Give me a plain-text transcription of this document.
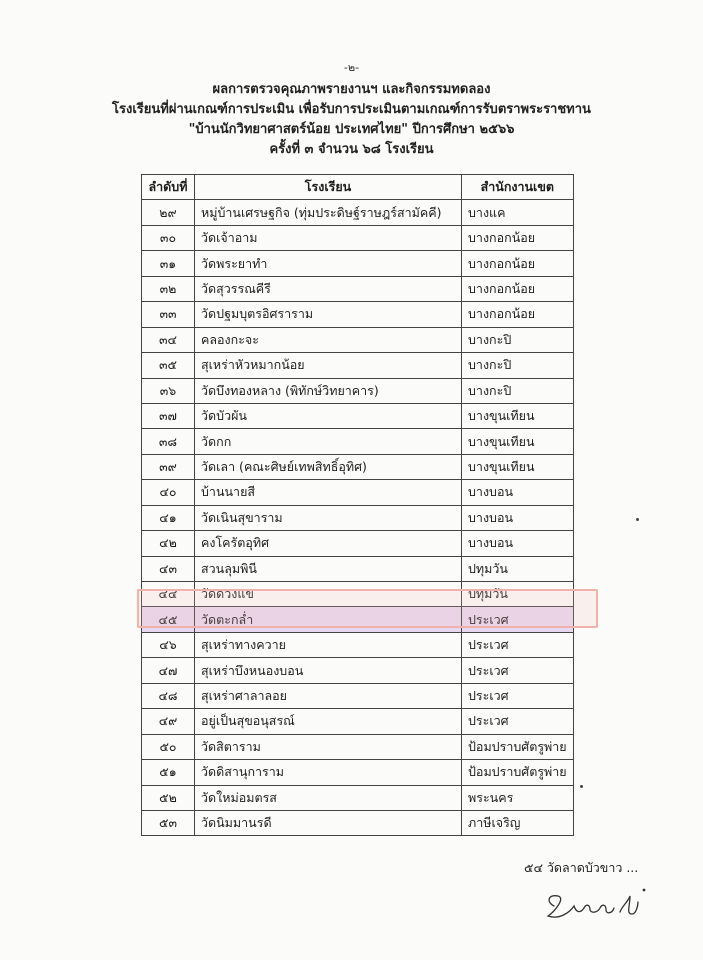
-๒-
ผลการตรวจคุณภาพรายงานฯ และกิจกรรมทดลอง
โรงเรียนที่ผ่านเกณฑ์การประเมิน เพื่อรับการประเมินตามเกณฑ์การรับตราพระราชทาน
"บ้านนักวิทยาศาสตร์น้อย ประเทศไทย" ปีการศึกษา ๒๕๖๖
ครั้งที่ ๓ จำนวน ๖๘ โรงเรียน
ลำดับที่	โรงเรียน	สำนักงานเขต
๒๙	หมู่บ้านเศรษฐกิจ (ทุ่มประดิษฐ์ราษฎร์สามัคคี)	บางแค
๓๐	วัดเจ้าอาม	บางกอกน้อย
๓๑	วัดพระยาทำ	บางกอกน้อย
๓๒	วัดสุวรรณคีรี	บางกอกน้อย
๓๓	วัดปฐมบุตรอิศราราม	บางกอกน้อย
๓๔	คลองกะจะ	บางกะปิ
๓๕	สุเหร่าหัวหมากน้อย	บางกะปิ
๓๖	วัดบึงทองหลาง (พิทักษ์วิทยาคาร)	บางกะปิ
๓๗	วัดบัวผัน	บางขุนเทียน
๓๘	วัดกก	บางขุนเทียน
๓๙	วัดเลา (คณะศิษย์เทพสิทธิ์อุทิศ)	บางขุนเทียน
๔๐	บ้านนายสี	บางบอน
๔๑	วัดเนินสุขาราม	บางบอน
๔๒	คงโครัตอุทิศ	บางบอน
๔๓	สวนลุมพินี	ปทุมวัน
๔๔	วัดดวงแข	ปทุมวัน
๔๕	วัดตะกล่ำ	ประเวศ
๔๖	สุเหร่าทางควาย	ประเวศ
๔๗	สุเหร่าบึงหนองบอน	ประเวศ
๔๘	สุเหร่าศาลาลอย	ประเวศ
๔๙	อยู่เป็นสุขอนุสรณ์	ประเวศ
๕๐	วัดสิตาราม	ป้อมปราบศัตรูพ่าย
๕๑	วัดดิสานุการาม	ป้อมปราบศัตรูพ่าย
๕๒	วัดใหม่อมตรส	พระนคร
๕๓	วัดนิมมานรดี	ภาษีเจริญ
๕๔ วัดลาดบัวขาว ...
